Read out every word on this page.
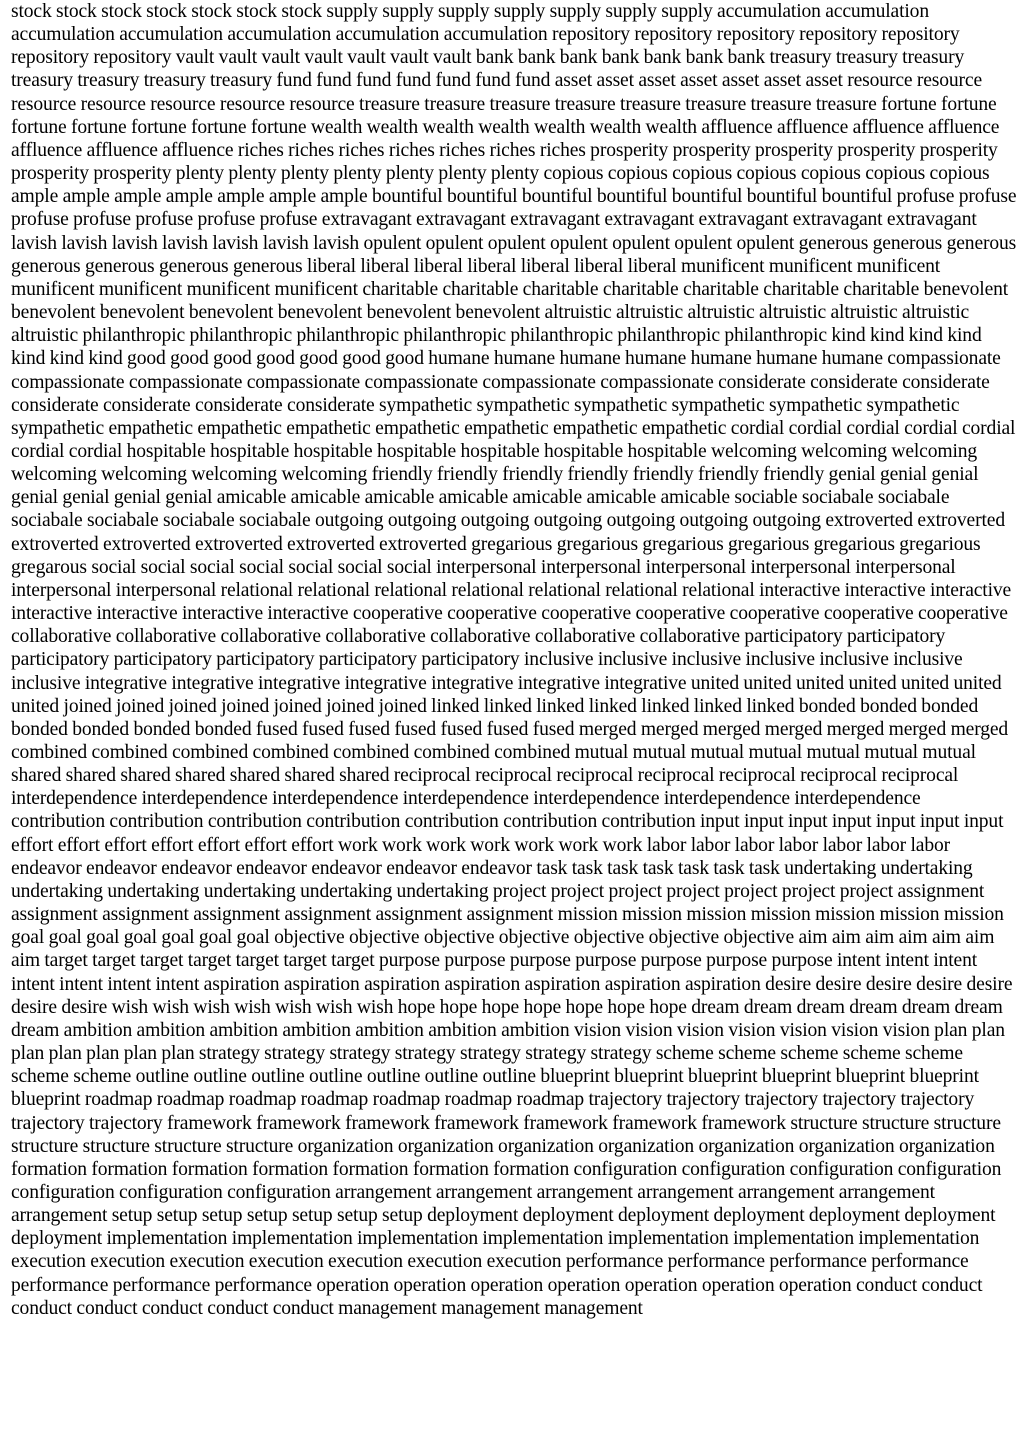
stock stock stock stock stock stock stock supply supply supply supply supply supply supply accumulation accumulation accumulation accumulation accumulation accumulation accumulation repository repository repository repository repository repository repository vault vault vault vault vault vault vault bank bank bank bank bank bank bank treasury treasury treasury treasury treasury treasury treasury fund fund fund fund fund fund fund asset asset asset asset asset asset asset resource resource resource resource resource resource resource treasure treasure treasure treasure treasure treasure treasure treasure fortune fortune fortune fortune fortune fortune fortune wealth wealth wealth wealth wealth wealth wealth affluence affluence affluence affluence affluence affluence affluence riches riches riches riches riches riches riches prosperity prosperity prosperity prosperity prosperity prosperity prosperity plenty plenty plenty plenty plenty plenty plenty copious copious copious copious copious copious copious ample ample ample ample ample ample ample bountiful bountiful bountiful bountiful bountiful bountiful bountiful profuse profuse profuse profuse profuse profuse profuse extravagant extravagant extravagant extravagant extravagant extravagant extravagant lavish lavish lavish lavish lavish lavish lavish opulent opulent opulent opulent opulent opulent opulent generous generous generous generous generous generous generous liberal liberal liberal liberal liberal liberal liberal munificent munificent munificent munificent munificent munificent munificent charitable charitable charitable charitable charitable charitable charitable benevolent benevolent benevolent benevolent benevolent benevolent benevolent altruistic altruistic altruistic altruistic altruistic altruistic altruistic philanthropic philanthropic philanthropic philanthropic philanthropic philanthropic philanthropic kind kind kind kind kind kind kind good good good good good good good humane humane humane humane humane humane humane compassionate compassionate compassionate compassionate compassionate compassionate compassionate considerate considerate considerate considerate considerate considerate considerate sympathetic sympathetic sympathetic sympathetic sympathetic sympathetic sympathetic empathetic empathetic empathetic empathetic empathetic empathetic empathetic cordial cordial cordial cordial cordial cordial cordial hospitable hospitable hospitable hospitable hospitable hospitable hospitable welcoming welcoming welcoming welcoming welcoming welcoming welcoming friendly friendly friendly friendly friendly friendly friendly genial genial genial genial genial genial genial amicable amicable amicable amicable amicable amicable amicable sociable sociabale sociabale sociabale sociabale sociabale sociabale outgoing outgoing outgoing outgoing outgoing outgoing outgoing extroverted extroverted extroverted extroverted extroverted extroverted extroverted gregarious gregarious gregarious gregarious gregarious gregarious gregarous social social social social social social social interpersonal interpersonal interpersonal interpersonal interpersonal interpersonal interpersonal relational relational relational relational relational relational relational interactive interactive interactive interactive interactive interactive interactive cooperative cooperative cooperative cooperative cooperative cooperative cooperative collaborative collaborative collaborative collaborative collaborative collaborative collaborative participatory participatory participatory participatory participatory participatory participatory inclusive inclusive inclusive inclusive inclusive inclusive inclusive integrative integrative integrative integrative integrative integrative integrative united united united united united united united joined joined joined joined joined joined joined linked linked linked linked linked linked linked bonded bonded bonded bonded bonded bonded bonded fused fused fused fused fused fused fused merged merged merged merged merged merged merged combined combined combined combined combined combined combined mutual mutual mutual mutual mutual mutual mutual shared shared shared shared shared shared shared reciprocal reciprocal reciprocal reciprocal reciprocal reciprocal reciprocal interdependence interdependence interdependence interdependence interdependence interdependence interdependence contribution contribution contribution contribution contribution contribution contribution input input input input input input input effort effort effort effort effort effort effort work work work work work work work labor labor labor labor labor labor labor endeavor endeavor endeavor endeavor endeavor endeavor endeavor task task task task task task task undertaking undertaking undertaking undertaking undertaking undertaking undertaking project project project project project project project assignment assignment assignment assignment assignment assignment assignment mission mission mission mission mission mission mission goal goal goal goal goal goal goal objective objective objective objective objective objective objective aim aim aim aim aim aim aim target target target target target target target purpose purpose purpose purpose purpose purpose purpose intent intent intent intent intent intent intent aspiration aspiration aspiration aspiration aspiration aspiration aspiration desire desire desire desire desire desire desire wish wish wish wish wish wish wish hope hope hope hope hope hope hope dream dream dream dream dream dream dream ambition ambition ambition ambition ambition ambition ambition vision vision vision vision vision vision vision plan plan plan plan plan plan plan strategy strategy strategy strategy strategy strategy strategy scheme scheme scheme scheme scheme scheme scheme outline outline outline outline outline outline outline blueprint blueprint blueprint blueprint blueprint blueprint blueprint roadmap roadmap roadmap roadmap roadmap roadmap roadmap trajectory trajectory trajectory trajectory trajectory trajectory trajectory framework framework framework framework framework framework framework structure structure structure structure structure structure structure organization organization organization organization organization organization organization formation formation formation formation formation formation formation configuration configuration configuration configuration configuration configuration configuration arrangement arrangement arrangement arrangement arrangement arrangement arrangement setup setup setup setup setup setup setup deployment deployment deployment deployment deployment deployment deployment implementation implementation implementation implementation implementation implementation implementation execution execution execution execution execution execution execution performance performance performance performance performance performance performance operation operation operation operation operation operation operation conduct conduct conduct conduct conduct conduct conduct management management management
